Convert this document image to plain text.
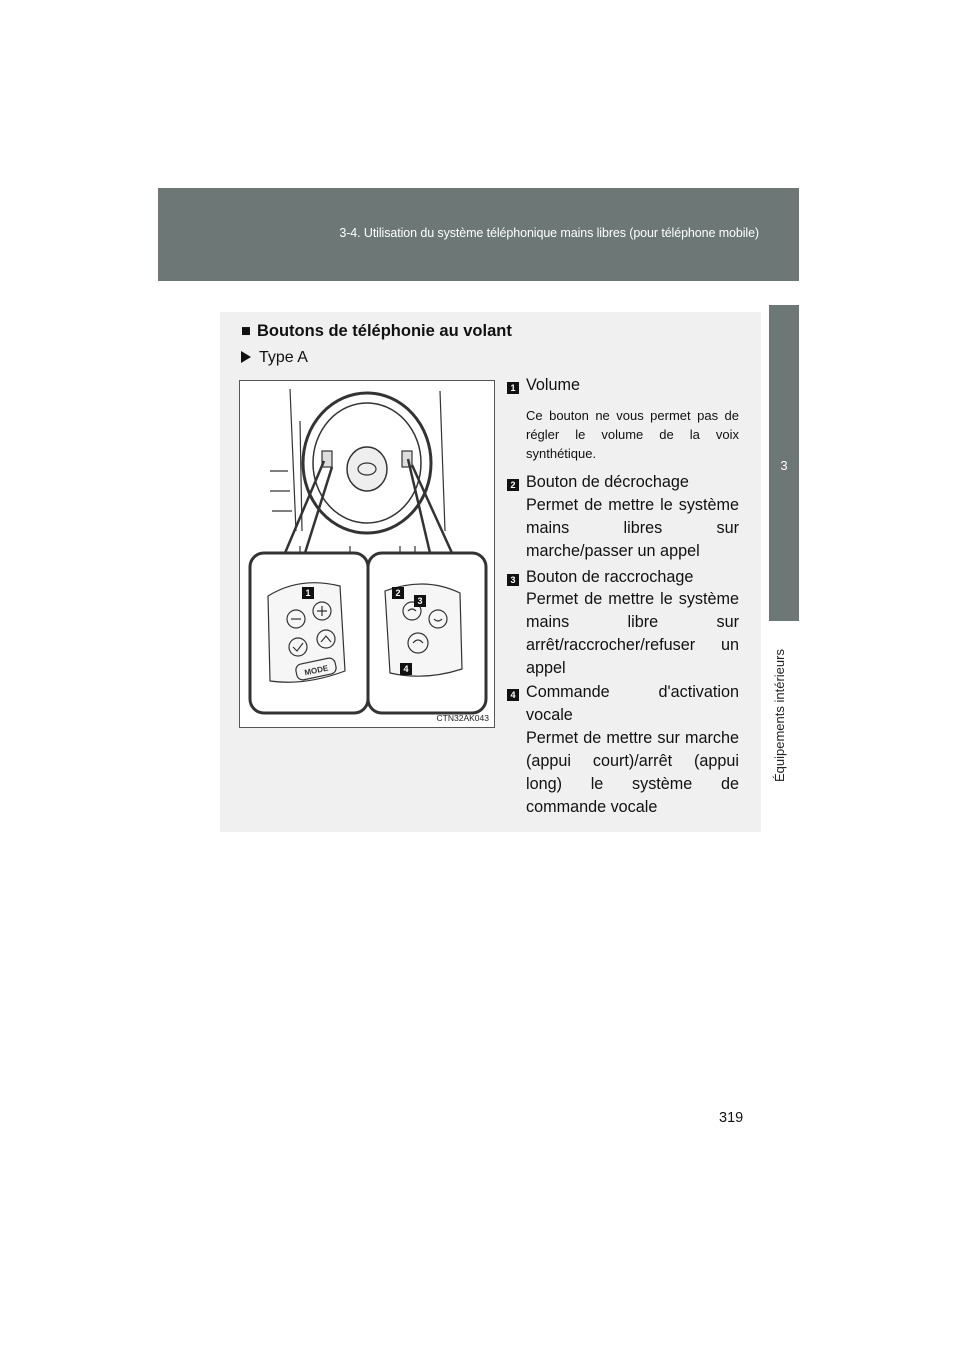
3-4. Utilisation du système téléphonique mains libres (pour téléphone mobile)
3
Équipements intérieurs
■ Boutons de téléphonie au volant
Type A
1	2
3
4
MODE
CTN32AK043
1 Volume
Ce bouton ne vous permet pas de régler le volume de la voix synthétique.
2 Bouton de décrochage
Permet de mettre le système mains libres sur marche/passer un appel
3 Bouton de raccrochage
Permet de mettre le système mains libre sur arrêt/raccrocher/refuser un appel
4 Commande d'activation vocale
Permet de mettre sur marche (appui court)/arrêt (appui long) le système de commande vocale
319
